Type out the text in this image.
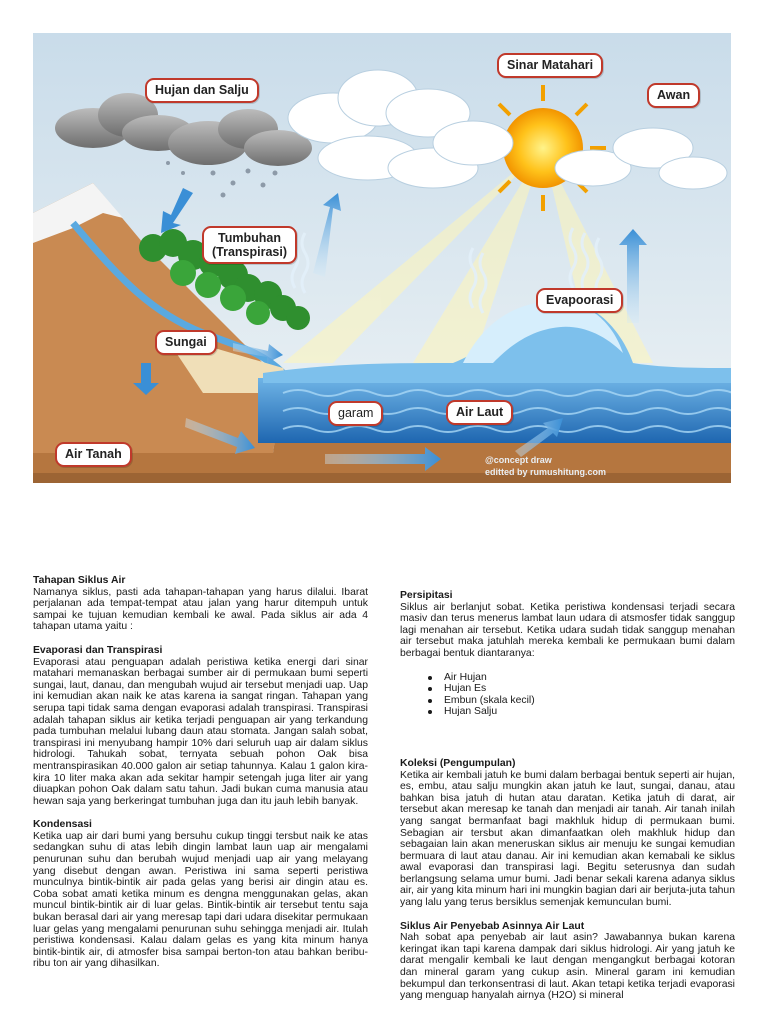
Hujan dan Salju
Sinar Matahari
Awan
Tumbuhan
(Transpirasi)
Evapoorasi
Sungai
garam	Air Laut
Air Tanah	@concept draw
editted by rumushitung.com
Tahapan Siklus Air

Namanya siklus, pasti ada tahapan-tahapan yang harus dilalui. Ibarat perjalanan ada tempat-tempat atau jalan yang harur ditempuh untuk sampai ke tujuan kemudian kembali ke awal. Pada siklus air ada 4 tahapan utama yaitu :

Evaporasi dan Transpirasi

Evaporasi atau penguapan adalah peristiwa ketika energi dari sinar matahari memanaskan berbagai sumber air di permukaan bumi seperti sungai, laut, danau, dan mengubah wujud air tersebut menjadi uap. Uap ini kemudian akan naik ke atas karena ia sangat ringan. Tahapan yang serupa tapi tidak sama dengan evaporasi adalah transpirasi. Transpirasi adalah tahapan siklus air ketika terjadi penguapan air yang terkandung pada tumbuhan melalui lubang daun atau stomata. Jangan salah sobat, transpirasi ini menyubang hampir 10% dari seluruh uap air dalam siklus hidrologi. Tahukah sobat, ternyata sebuah pohon Oak bisa mentranspirasikan 40.000 galon air setiap tahunnya. Kalau 1 galon kira-kira 10 liter maka akan ada sekitar hampir setengah juga liter air yang diuapkan pohon Oak dalam satu tahun. Jadi bukan cuma manusia atau hewan saja yang berkeringat tumbuhan juga dan itu jauh lebih banyak.

Kondensasi

Ketika uap air dari bumi yang bersuhu cukup tinggi tersbut naik ke atas sedangkan suhu di atas lebih dingin lambat laun uap air mengalami penurunan suhu dan berubah wujud menjadi uap air yang melayang yang disebut dengan awan. Peristiwa ini sama seperti peristiwa munculnya bintik-bintik air pada gelas yang berisi air dingin atau es. Coba sobat amati ketika minum es dengna menggunakan gelas, akan muncul bintik-bintik air di luar gelas. Bintik-bintik air tersebut tentu saja bukan berasal dari air yang meresap tapi dari udara disekitar permukaan luar gelas yang mengalami penurunan suhu sehingga menjadi air. Itulah peristiwa kondensasi. Kalau dalam gelas es yang kita minum hanya bintik-bintik air, di atmosfer bisa sampai berton-ton atau bahkan beribu-ribu ton air yang dihasilkan.

Persipitasi

Siklus air berlanjut sobat. Ketika peristiwa kondensasi terjadi secara masiv dan terus menerus lambat laun udara di atsmosfer tidak sanggup lagi menahan air tersebut. Ketika udara sudah tidak sanggup menahan air tersebut maka jatuhlah mereka kembali ke permukaan bumi dalam berbagai bentuk diantaranya:

Air Hujan
Hujan Es
Embun (skala kecil)
Hujan Salju
Koleksi (Pengumpulan)

Ketika air kembali jatuh ke bumi dalam berbagai bentuk seperti air hujan, es, embu, atau salju mungkin akan jatuh ke laut, sungai, danau, atau bahkan bisa jatuh di hutan atau daratan. Ketika jatuh di darat, air tersebut akan meresap ke tanah dan menjadi air tanah. Air tanah inilah yang sangat bermanfaat bagi makhluk hidup di permukaan bumi. Sebagian air tersbut akan dimanfaatkan oleh makhluk hidup dan sebagaian lain akan meneruskan siklus air menuju ke sungai kemudian bermuara di laut atau danau. Air ini kemudian akan kemabali ke siklus awal evaporasi dan transpirasi lagi. Begitu seterusnya dan sudah berlangsung selama umur bumi. Jadi benar sekali karena adanya siklus air, air yang kita minum hari ini mungkin bagian dari air berjuta-juta tahun yang lalu yang terus bersiklus semenjak kemunculan bumi.

Siklus Air Penyebab Asinnya Air Laut

Nah sobat apa penyebab air laut asin? Jawabannya bukan karena keringat ikan tapi karena dampak dari siklus hidrologi. Air yang jatuh ke darat mengalir kembali ke laut dengan mengangkut berbagai kotoran dan mineral garam yang cukup asin. Mineral garam ini kemudian bekumpul dan terkonsentrasi di laut. Akan tetapi ketika terjadi evaporasi yang menguap hanyalah airnya (H2O) si mineral
